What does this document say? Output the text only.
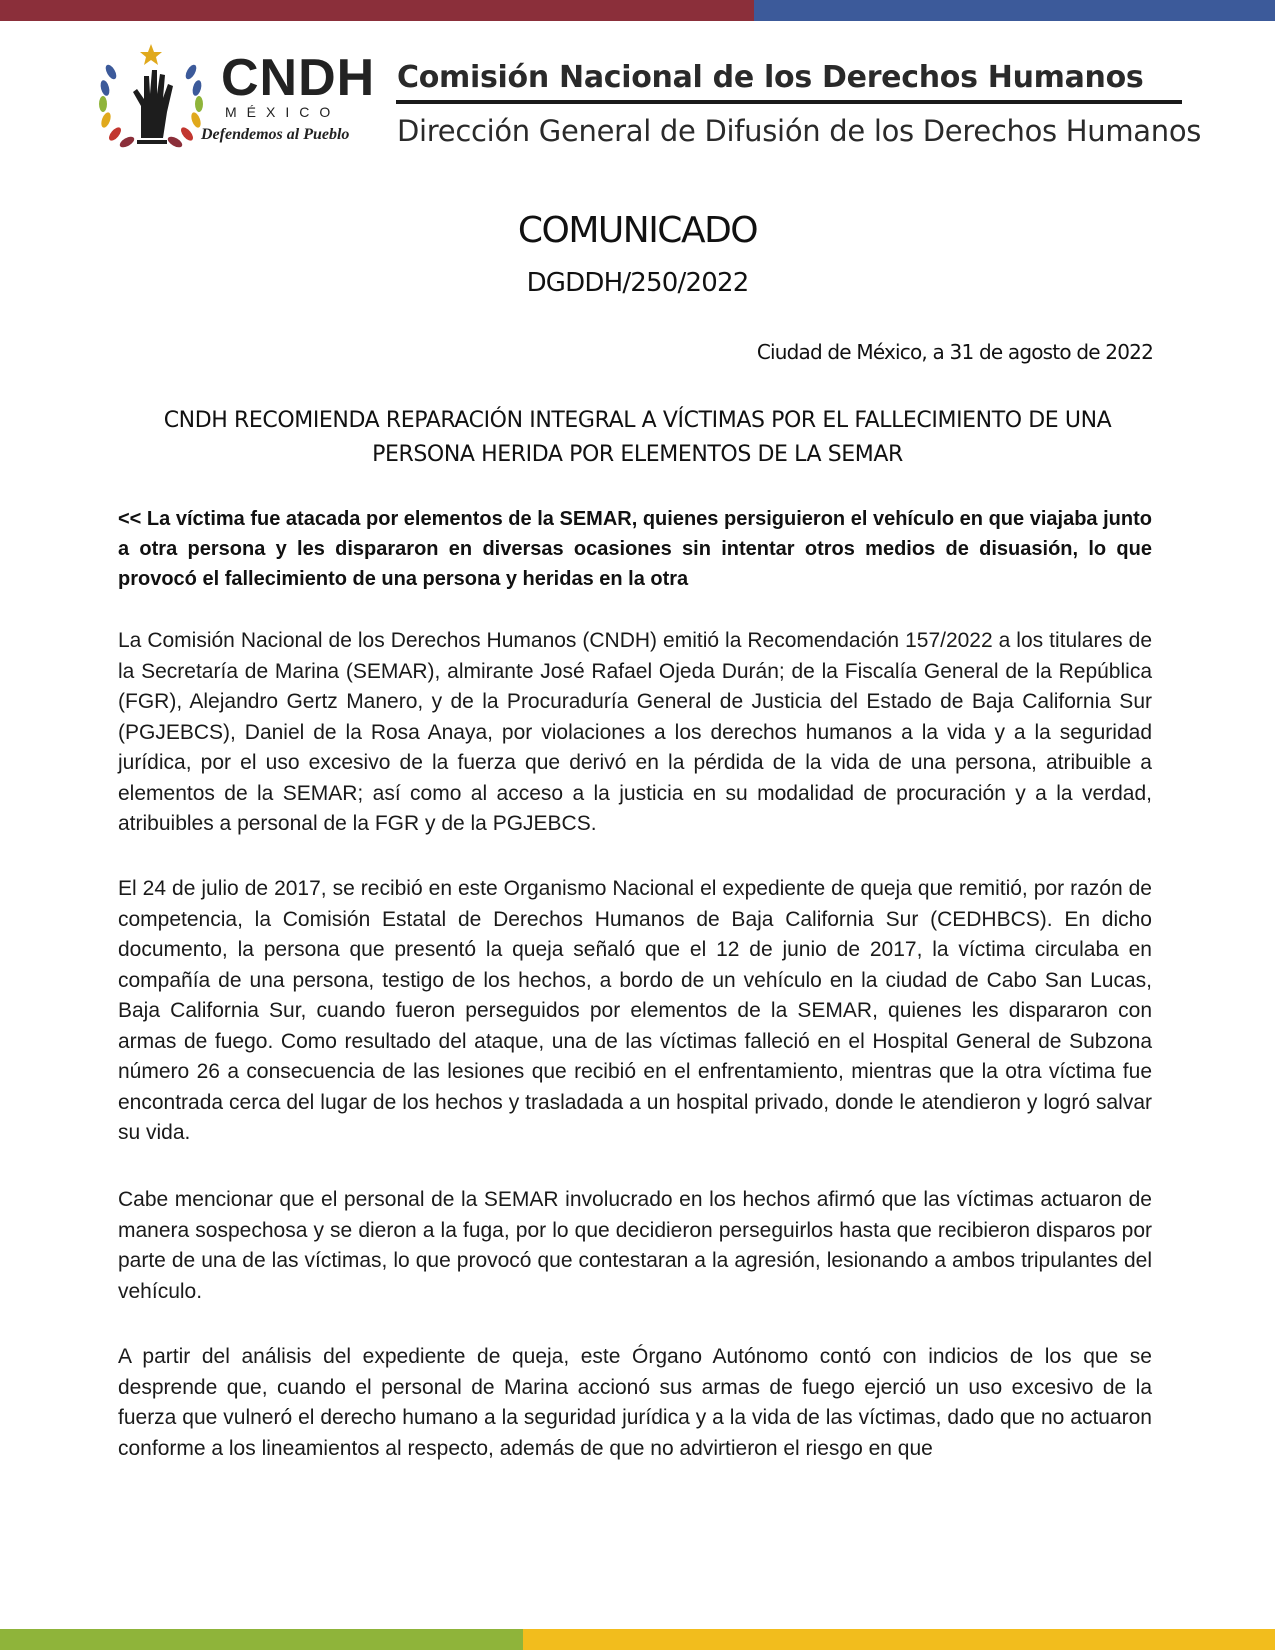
CNDH
MÉXICO
Defendemos al Pueblo
Comisión Nacional de los Derechos Humanos
Dirección General de Difusión de los Derechos Humanos
COMUNICADO
DGDDH/250/2022
Ciudad de México, a 31 de agosto de 2022
CNDH RECOMIENDA REPARACIÓN INTEGRAL A VÍCTIMAS POR EL FALLECIMIENTO DE UNA
PERSONA HERIDA POR ELEMENTOS DE LA SEMAR
<< La víctima fue atacada por elementos de la SEMAR, quienes persiguieron el vehículo en que viajaba junto a otra persona y les dispararon en diversas ocasiones sin intentar otros medios de disuasión, lo que provocó el fallecimiento de una persona y heridas en la otra

La Comisión Nacional de los Derechos Humanos (CNDH) emitió la Recomendación 157/2022 a los titulares de la Secretaría de Marina (SEMAR), almirante José Rafael Ojeda Durán; de la Fiscalía General de la República (FGR), Alejandro Gertz Manero, y de la Procuraduría General de Justicia del Estado de Baja California Sur (PGJEBCS), Daniel de la Rosa Anaya, por violaciones a los derechos humanos a la vida y a la seguridad jurídica, por el uso excesivo de la fuerza que derivó en la pérdida de la vida de una persona, atribuible a elementos de la SEMAR; así como al acceso a la justicia en su modalidad de procuración y a la verdad, atribuibles a personal de la FGR y de la PGJEBCS.

El 24 de julio de 2017, se recibió en este Organismo Nacional el expediente de queja que remitió, por razón de competencia, la Comisión Estatal de Derechos Humanos de Baja California Sur (CEDHBCS). En dicho documento, la persona que presentó la queja señaló que el 12 de junio de 2017, la víctima circulaba en compañía de una persona, testigo de los hechos, a bordo de un vehículo en la ciudad de Cabo San Lucas, Baja California Sur, cuando fueron perseguidos por elementos de la SEMAR, quienes les dispararon con armas de fuego. Como resultado del ataque, una de las víctimas falleció en el Hospital General de Subzona número 26 a consecuencia de las lesiones que recibió en el enfrentamiento, mientras que la otra víctima fue encontrada cerca del lugar de los hechos y trasladada a un hospital privado, donde le atendieron y logró salvar su vida.

Cabe mencionar que el personal de la SEMAR involucrado en los hechos afirmó que las víctimas actuaron de manera sospechosa y se dieron a la fuga, por lo que decidieron perseguirlos hasta que recibieron disparos por parte de una de las víctimas, lo que provocó que contestaran a la agresión, lesionando a ambos tripulantes del vehículo.

A partir del análisis del expediente de queja, este Órgano Autónomo contó con indicios de los que se desprende que, cuando el personal de Marina accionó sus armas de fuego ejerció un uso excesivo de la fuerza que vulneró el derecho humano a la seguridad jurídica y a la vida de las víctimas, dado que no actuaron conforme a los lineamientos al respecto, además de que no advirtieron el riesgo en que
